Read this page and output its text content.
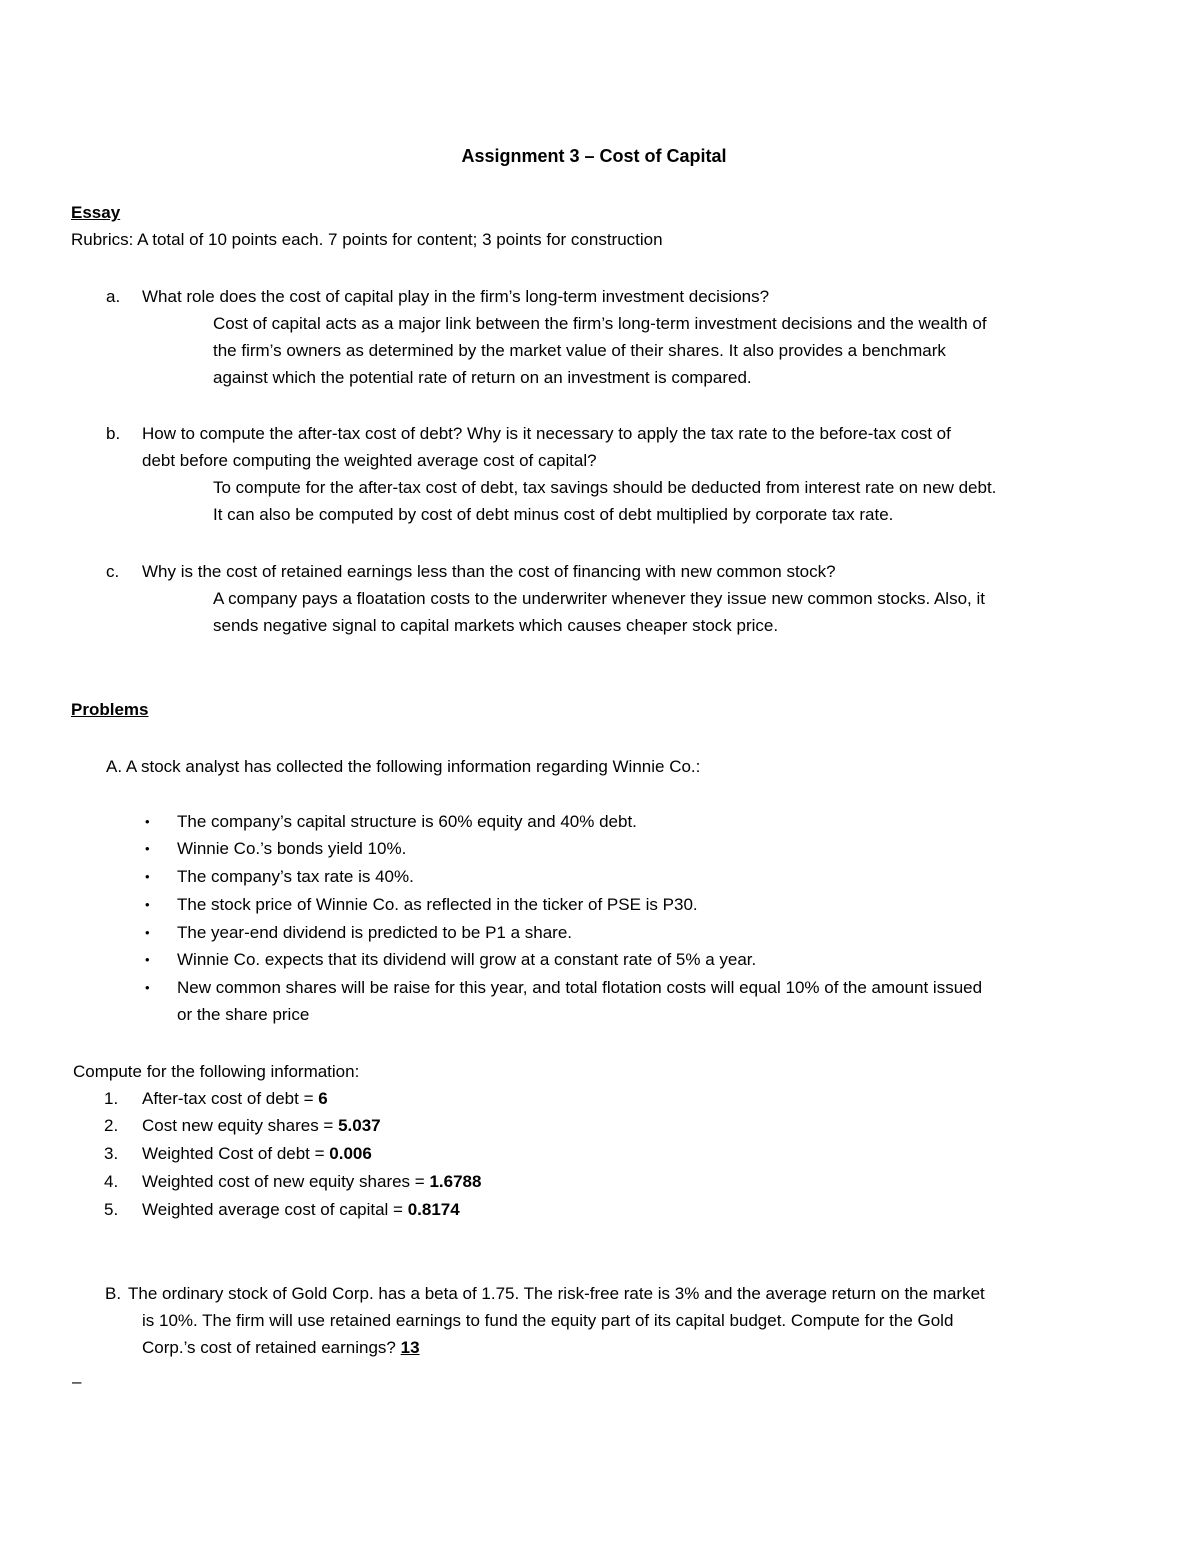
Assignment 3 – Cost of Capital
Essay
Rubrics: A total of 10 points each. 7 points for content; 3 points for construction
a. What role does the cost of capital play in the firm’s long-term investment decisions?
Cost of capital acts as a major link between the firm’s long-term investment decisions and the wealth of
the firm’s owners as determined by the market value of their shares. It also provides a benchmark
against which the potential rate of return on an investment is compared.
b. How to compute the after-tax cost of debt? Why is it necessary to apply the tax rate to the before-tax cost of
debt before computing the weighted average cost of capital?
To compute for the after-tax cost of debt, tax savings should be deducted from interest rate on new debt.
It can also be computed by cost of debt minus cost of debt multiplied by corporate tax rate.
c. Why is the cost of retained earnings less than the cost of financing with new common stock?
A company pays a floatation costs to the underwriter whenever they issue new common stocks. Also, it
sends negative signal to capital markets which causes cheaper stock price.
Problems
A. A stock analyst has collected the following information regarding Winnie Co.:
• The company’s capital structure is 60% equity and 40% debt.
• Winnie Co.’s bonds yield 10%.
• The company’s tax rate is 40%.
• The stock price of Winnie Co. as reflected in the ticker of PSE is P30.
• The year-end dividend is predicted to be P1 a share.
• Winnie Co. expects that its dividend will grow at a constant rate of 5% a year.
• New common shares will be raise for this year, and total flotation costs will equal 10% of the amount issued
or the share price
Compute for the following information:
1. After-tax cost of debt = 6
2. Cost new equity shares = 5.037
3. Weighted Cost of debt = 0.006
4. Weighted cost of new equity shares = 1.6788
5. Weighted average cost of capital = 0.8174
B. The ordinary stock of Gold Corp. has a beta of 1.75. The risk-free rate is 3% and the average return on the market
is 10%. The firm will use retained earnings to fund the equity part of its capital budget. Compute for the Gold
Corp.’s cost of retained earnings? 13
–
